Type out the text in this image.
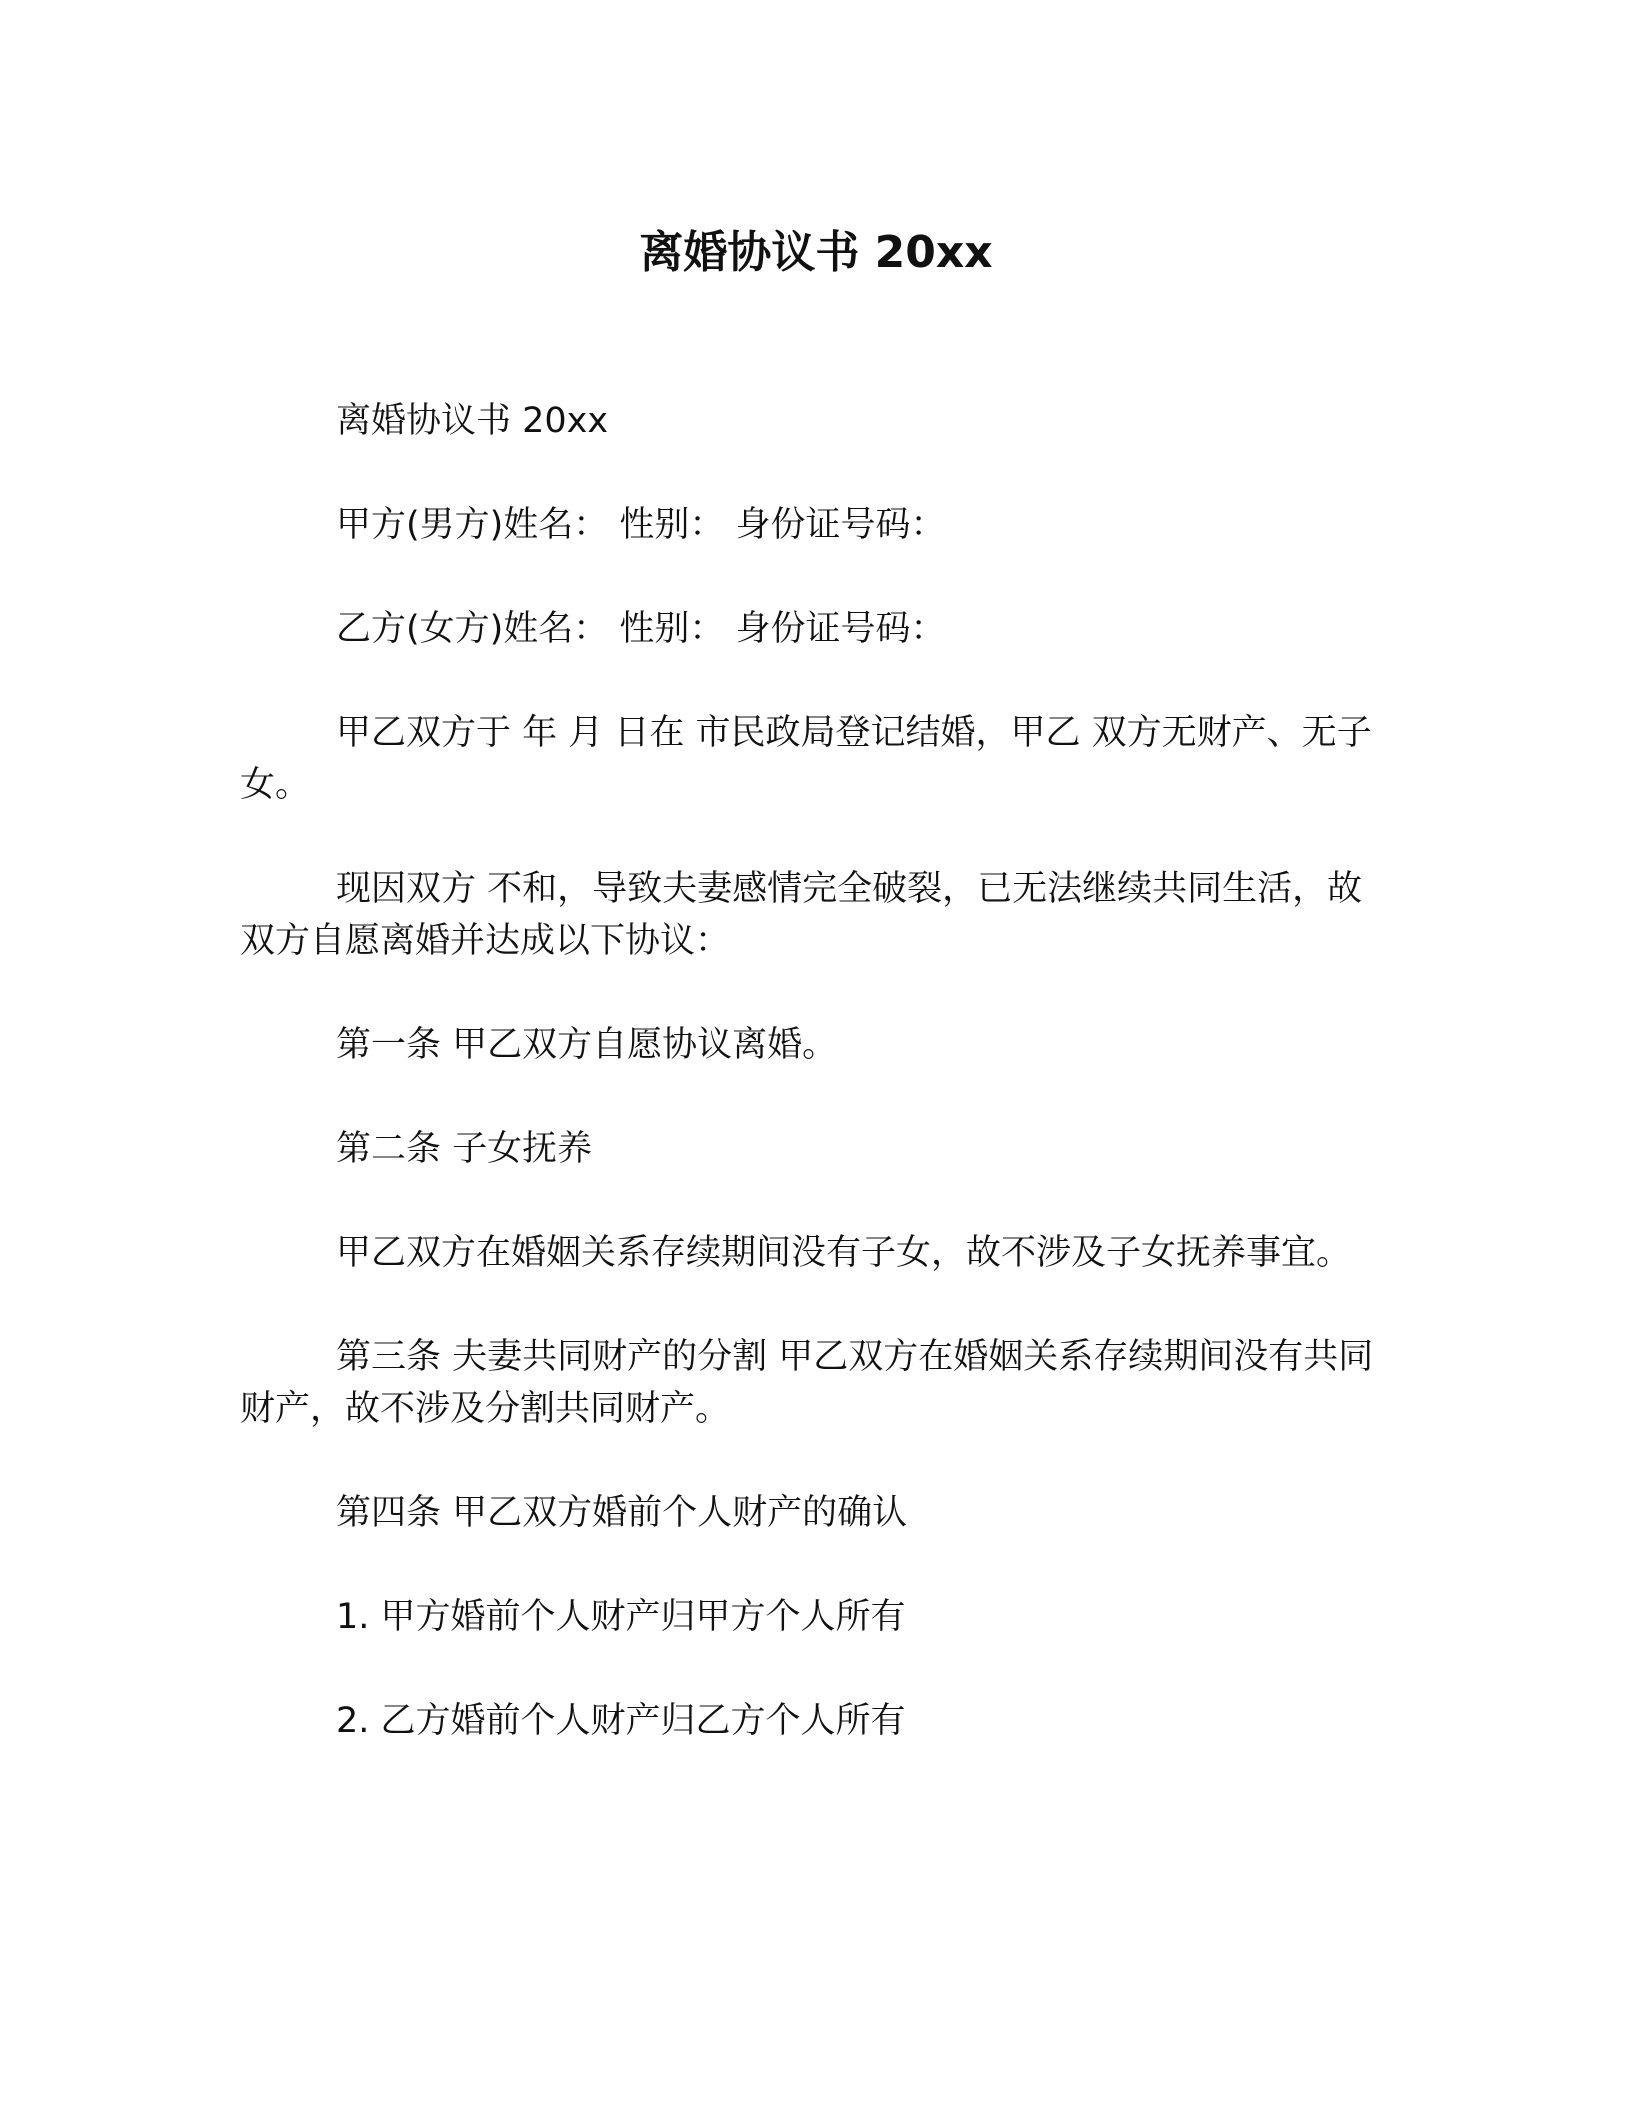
离婚协议书 20xx

离婚协议书 20xx

甲方(男方)姓名： 性别： 身份证号码：

乙方(女方)姓名： 性别： 身份证号码：

甲乙双方于 年 月 日在 市民政局登记结婚，甲乙 双方无财产、无子女。

现因双方 不和，导致夫妻感情完全破裂，已无法继续共同生活，故双方自愿离婚并达成以下协议：

第一条 甲乙双方自愿协议离婚。

第二条 子女抚养

甲乙双方在婚姻关系存续期间没有子女，故不涉及子女抚养事宜。

第三条 夫妻共同财产的分割 甲乙双方在婚姻关系存续期间没有共同财产，故不涉及分割共同财产。

第四条 甲乙双方婚前个人财产的确认

1. 甲方婚前个人财产归甲方个人所有

2. 乙方婚前个人财产归乙方个人所有
